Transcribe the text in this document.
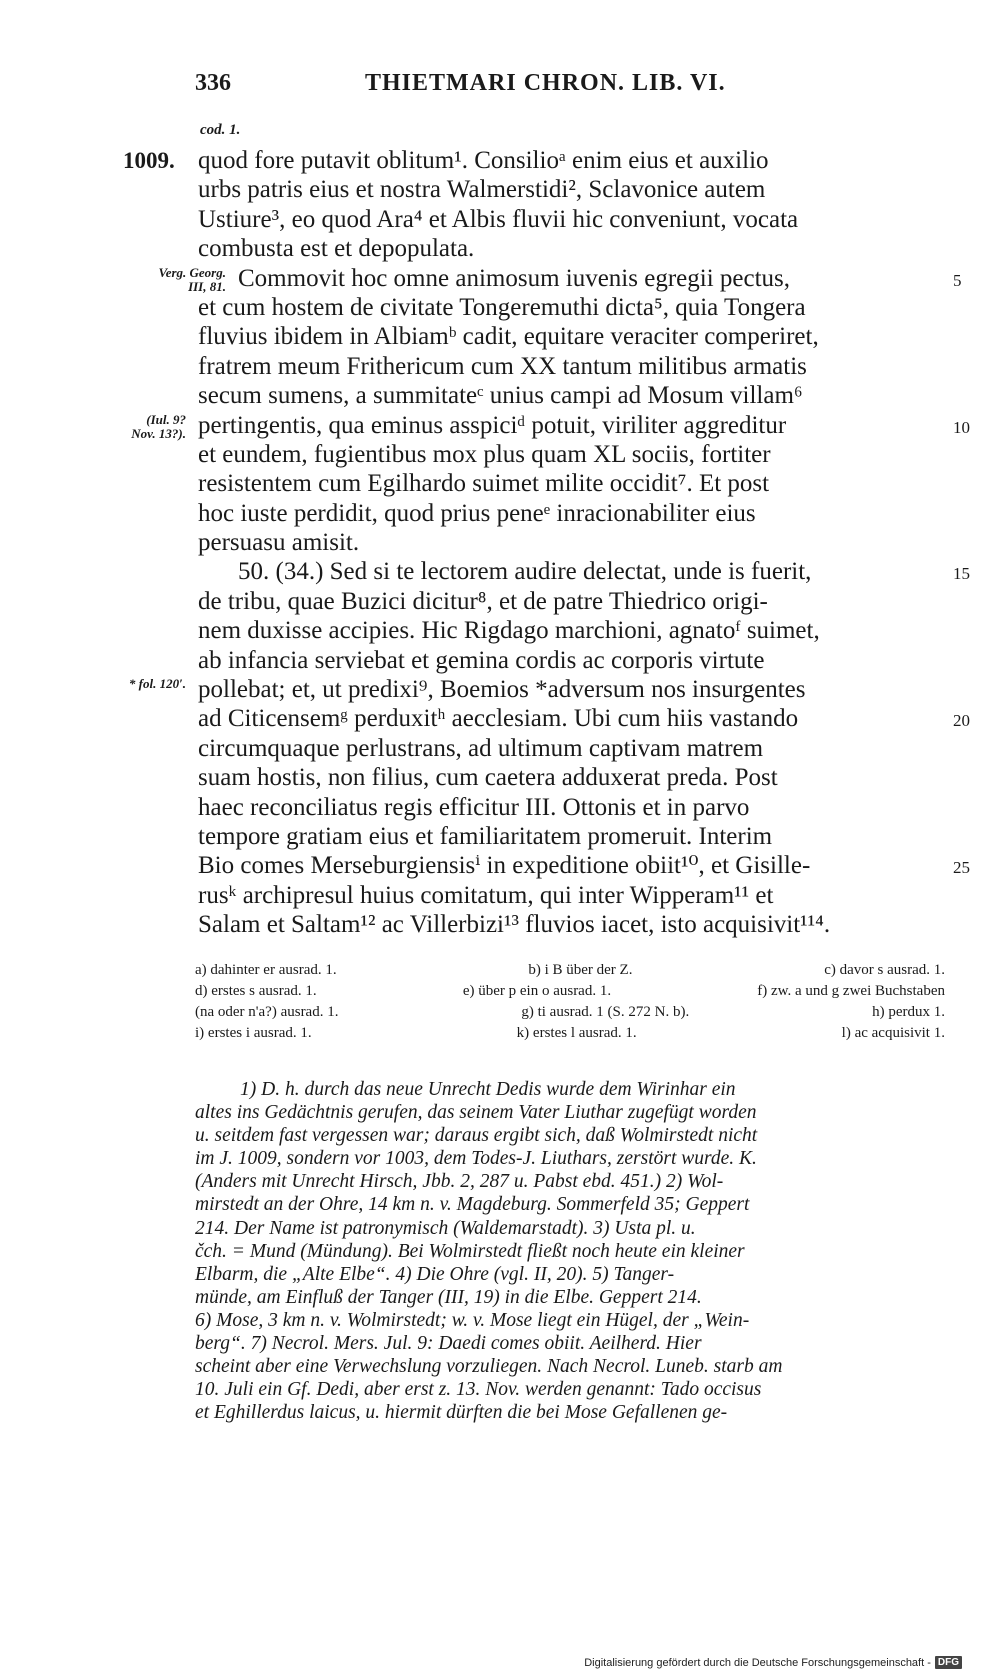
336	THIETMARI CHRON. LIB. VI.
cod. 1.
1009. quod fore putavit oblitum¹. Consilioᵃ enim eius et auxilio
urbs patris eius et nostra Walmerstidi², Sclavonice autem
Ustiure³, eo quod Ara⁴ et Albis fluvii hic conveniunt, vocata
combusta est et depopulata.
Verg. Georg.
III, 81. Commovit hoc omne animosum iuvenis egregii pectus,	5
et cum hostem de civitate Tongeremuthi dicta⁵, quia Tongera
fluvius ibidem in Albiamᵇ cadit, equitare veraciter comperiret,
fratrem meum Frithericum cum XX tantum militibus armatis
secum sumens, a summitateᶜ unius campi ad Mosum villam⁶
(Iul. 9?
Nov. 13?). pertingentis, qua eminus asspiciᵈ potuit, viriliter aggreditur	10
et eundem, fugientibus mox plus quam XL sociis, fortiter
resistentem cum Egilhardo suimet milite occidit⁷. Et post
hoc iuste perdidit, quod prius peneᵉ inracionabiliter eius
persuasu amisit.
50. (34.) Sed si te lectorem audire delectat, unde is fuerit,	15
de tribu, quae Buzici dicitur⁸, et de patre Thiedrico origi-
nem duxisse accipies. Hic Rigdago marchioni, agnatoᶠ suimet,
ab infancia serviebat et gemina cordis ac corporis virtute
* fol. 120′. pollebat; et, ut predixi⁹, Boemios *adversum nos insurgentes
ad Citicensemᵍ perduxitʰ aecclesiam. Ubi cum hiis vastando	20
circumquaque perlustrans, ad ultimum captivam matrem
suam hostis, non filius, cum caetera adduxerat preda. Post
haec reconciliatus regis efficitur III. Ottonis et in parvo
tempore gratiam eius et familiaritatem promeruit. Interim
Bio comes Merseburgiensisⁱ in expeditione obiit¹⁰, et Gisille-	25
rusᵏ archipresul huius comitatum, qui inter Wipperam¹¹ et
Salam et Saltam¹² ac Villerbizi¹³ fluvios iacet, isto acquisivit¹¹⁴.
a) dahinter er ausrad. 1.	b) i B über der Z.	c) davor s ausrad. 1.
d) erstes s ausrad. 1.	e) über p ein o ausrad. 1.	f) zw. a und g zwei Buchstaben
(na oder n'a?) ausrad. 1.	g) ti ausrad. 1 (S. 272 N. b).	h) perdux 1.
i) erstes i ausrad. 1.	k) erstes l ausrad. 1.	l) ac acquisivit 1.
1) D. h. durch das neue Unrecht Dedis wurde dem Wirinhar ein
altes ins Gedächtnis gerufen, das seinem Vater Liuthar zugefügt worden
u. seitdem fast vergessen war; daraus ergibt sich, daß Wolmirstedt nicht
im J. 1009, sondern vor 1003, dem Todes-J. Liuthars, zerstört wurde. K.
(Anders mit Unrecht Hirsch, Jbb. 2, 287 u. Pabst ebd. 451.) 2) Wol-
mirstedt an der Ohre, 14 km n. v. Magdeburg. Sommerfeld 35; Geppert
214. Der Name ist patronymisch (Waldemarstadt). 3) Usta pl. u.
čch. = Mund (Mündung). Bei Wolmirstedt fließt noch heute ein kleiner
Elbarm, die „Alte Elbe“. 4) Die Ohre (vgl. II, 20). 5) Tanger-
münde, am Einfluß der Tanger (III, 19) in die Elbe. Geppert 214.
6) Mose, 3 km n. v. Wolmirstedt; w. v. Mose liegt ein Hügel, der „Wein-
berg“. 7) Necrol. Mers. Jul. 9: Daedi comes obiit. Aeilherd. Hier
scheint aber eine Verwechslung vorzuliegen. Nach Necrol. Luneb. starb am
10. Juli ein Gf. Dedi, aber erst z. 13. Nov. werden genannt: Tado occisus
et Eghillerdus laicus, u. hiermit dürften die bei Mose Gefallenen ge-
Digitalisierung gefördert durch die Deutsche Forschungsgemeinschaft - DFG
